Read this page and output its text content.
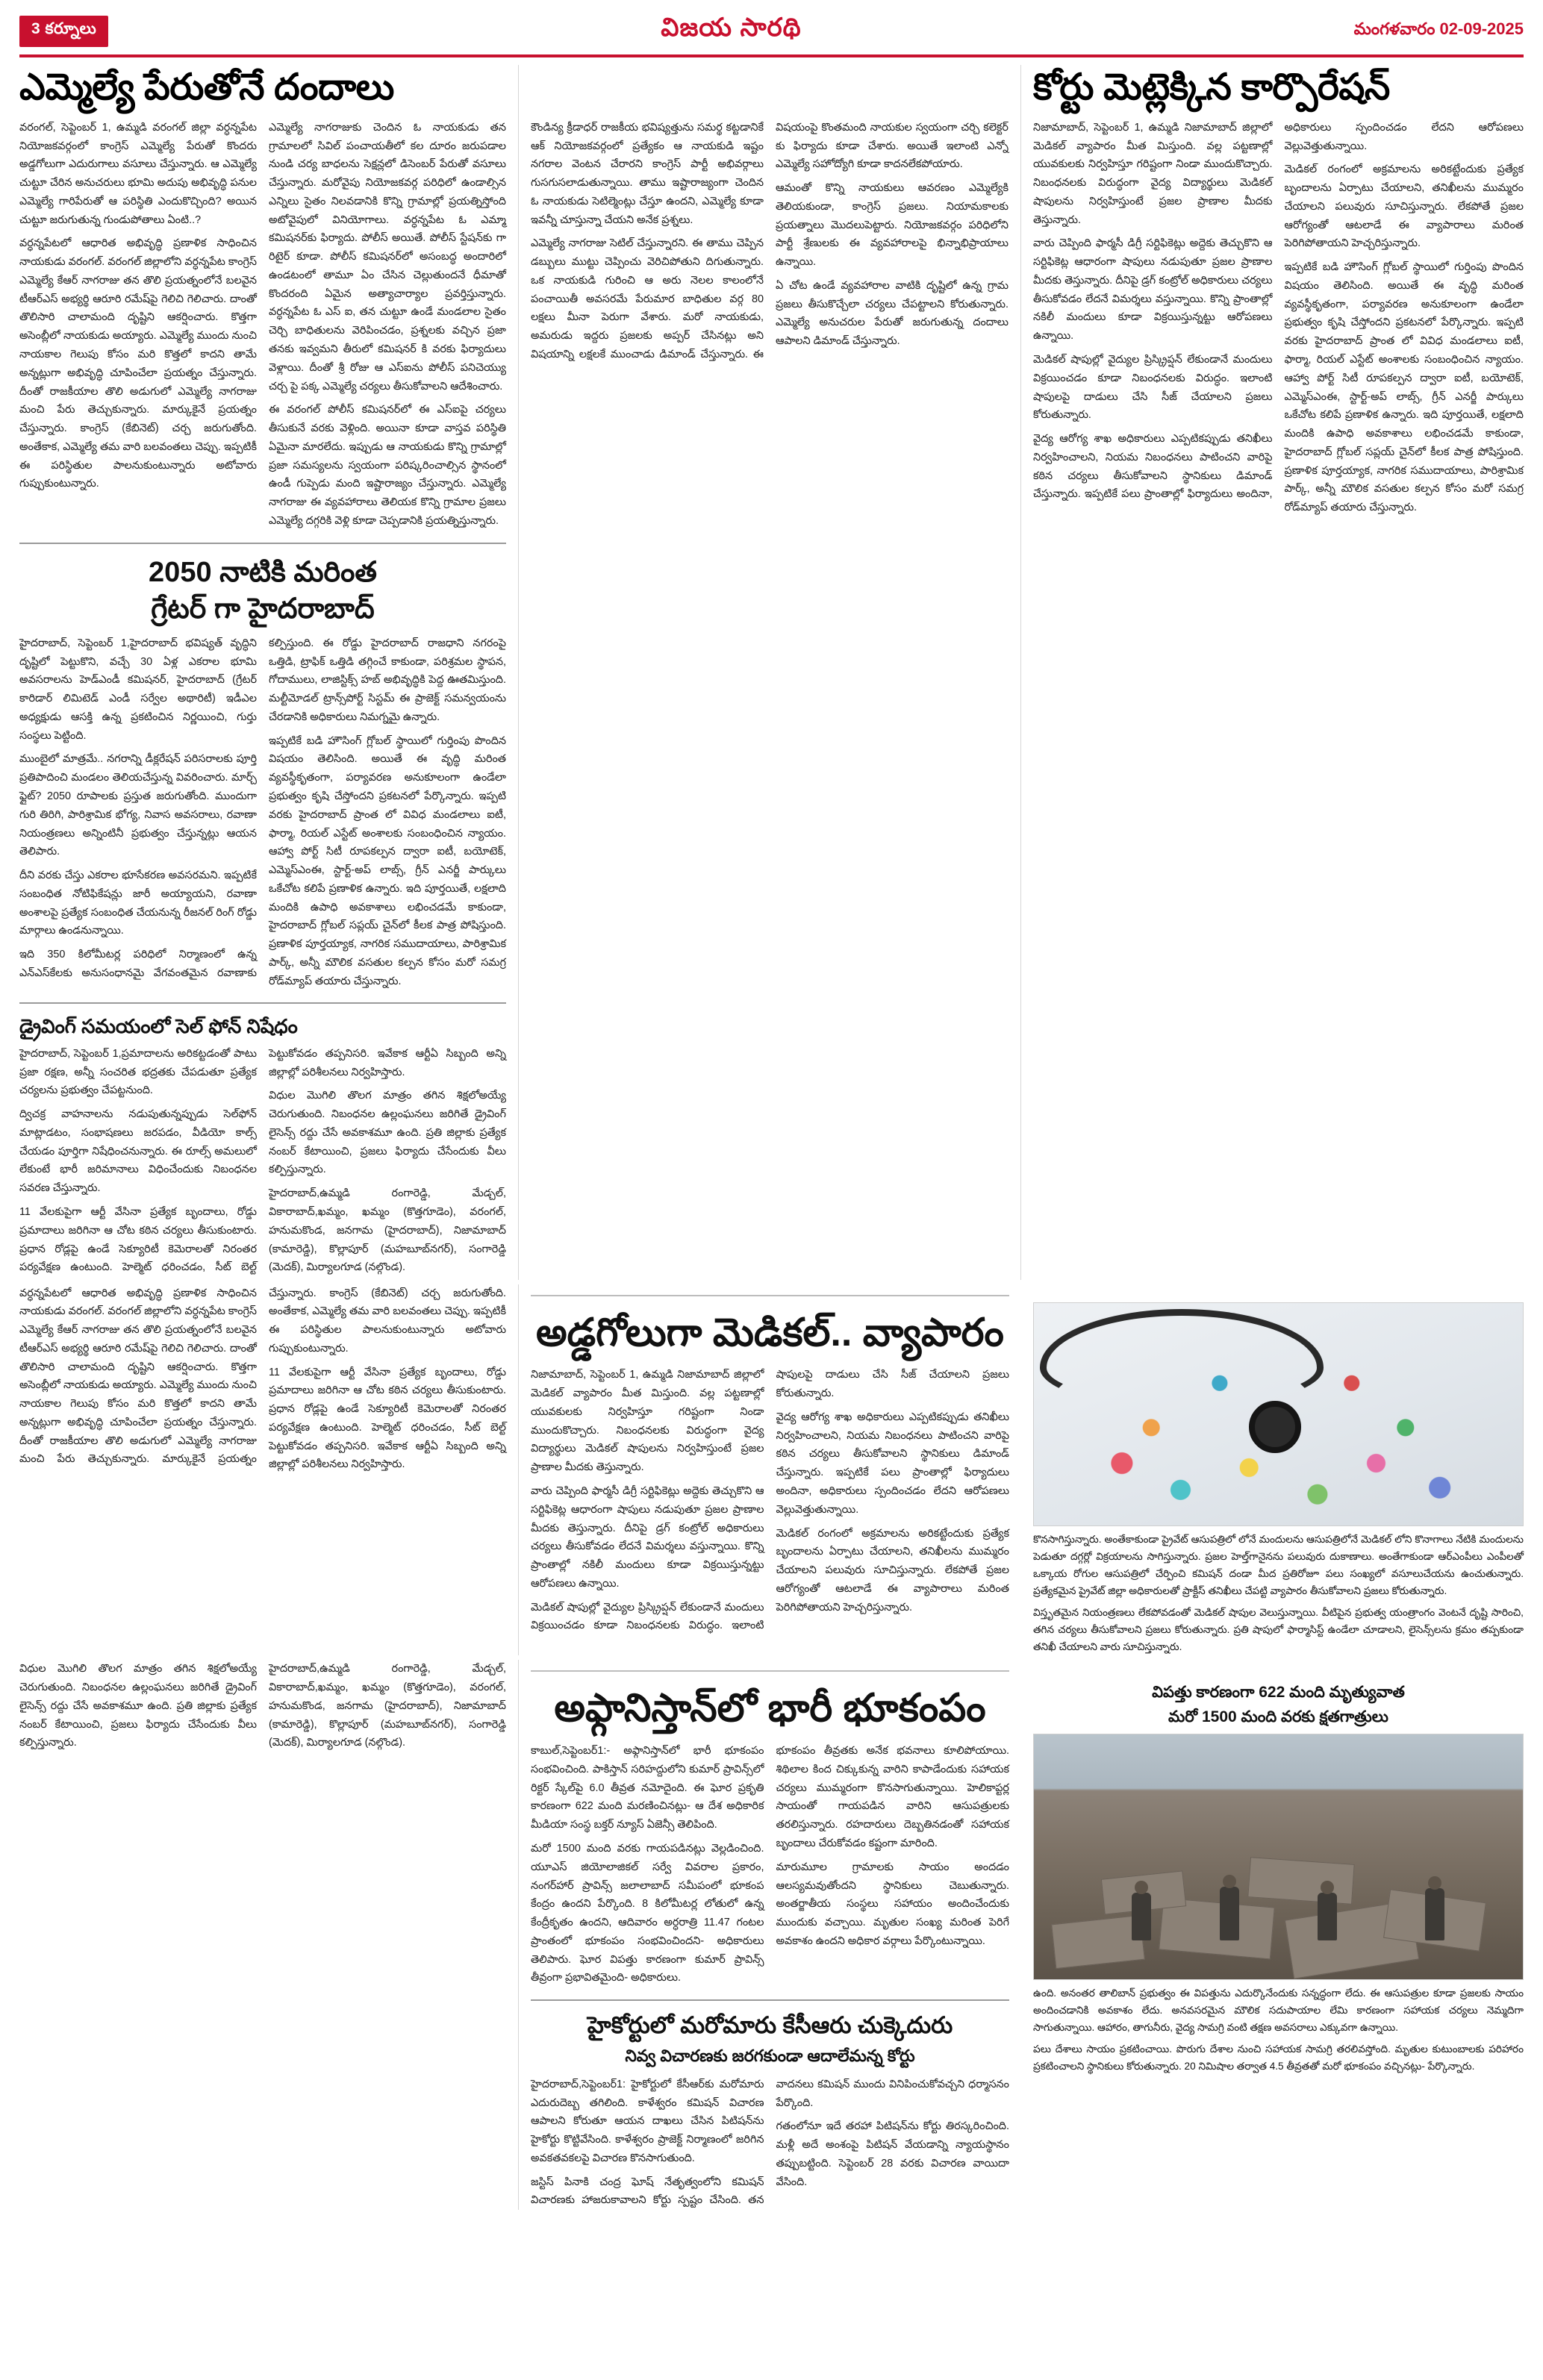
3 కర్నూలు	విజయ సారథి	మంగళవారం 02-09-2025
ఎమ్మెల్యే పేరుతోనే దందాలు

వరంగల్, సెప్టెంబర్ 1, ఉమ్మడి వరంగల్ జిల్లా వర్ధన్నపేట నియోజకవర్గంలో కాంగ్రెస్ ఎమ్మెల్యే పేరుతో కొందరు అడ్డగోలుగా ఎదురుగాలు వసూలు చేస్తున్నారు. ఆ ఎమ్మెల్యే చుట్టూ చేరిన అనుచరులు భూమి అదుపు అభివృద్ధి పనుల ఎమ్మెల్యే గారిపేరుతో ఆ పరిస్థితి ఎందుకొచ్చింది? అయిన చుట్టూ జరుగుతున్న గుండుపోతాలు ఏంటి..?

వర్ధన్నపేటలో ఆధారిత అభివృద్ధి ప్రణాళిక సాధించిన నాయకుడు వరంగల్. వరంగల్ జిల్లాలోని వర్ధన్నపేట కాంగ్రెస్ ఎమ్మెల్యే కేఆర్ నాగరాజు తన తొలి ప్రయత్నంలోనే బలవైన టీఆర్ఎస్ అభ్యర్థి ఆరూరి రమేష్‌పై గెలిచి గెలిచారు. దాంతో తొలిసారి చాలామంది దృష్టిని ఆకర్షించారు. కొత్తగా అసెంబ్లీలో నాయకుడు అయ్యారు. ఎమ్మెల్యే ముందు నుంచి నాయకాల గెలుపు కోసం మరి కొత్తలో కాదని తామే అన్నట్లుగా అభివృద్ధి చూపించేలా ప్రయత్నం చేస్తున్నారు. దీంతో రాజకీయాల తొలి అడుగులో ఎమ్మెల్యే నాగరాజు మంచి పేరు తెచ్చుకున్నారు. మార్కుకైనే ప్రయత్నం చేస్తున్నారు. కాంగ్రెస్ (కేబినెట్) చర్చ జరుగుతోంది. అంతేకాక, ఎమ్మెల్యే తమ వారి బలవంతలు చెప్పు. ఇప్పటికీ ఈ పరిస్థితుల పాలనుకుంటున్నారు అటోవారు గుప్పుకుంటున్నారు.

ఎమ్మెల్యే నాగరాజుకు చెందిన ఓ నాయకుడు తన గ్రామాలలో సివిల్ పంచాయతీలో కల దూరం జరుపడాల నుండి చర్య బాధలను సెక్షన్లలో డిసెంబర్ పేరుతో వసూలు చేస్తున్నారు. మరోవైపు నియోజకవర్గ పరిధిలో ఉండాల్సిన ఎన్నిలు సైతం నిలవడానికి కొన్ని గ్రామాల్లో ప్రయత్నిస్తోంది అటోవైపులో వినియోగాలు. వర్ధన్నపేట ఓ ఎమ్మా కమిషనర్‌కు ఫిర్యాదు. పోలీస్ అయితే. పోలీస్ స్టేషన్‌కు గా రిటైర్ కూడా. పోలీస్ కమిషనర్‌లో అసంబద్ధ అందారిలో ఉండటంలో తామూ ఏం చేసిన చెల్లుతుందనే ధీమాతో కొందరంది ఏమైన అత్యాచార్యాల ప్రవర్తిస్తున్నారు. వర్ధన్నపేట ఓ ఎస్ ఐ, తన చుట్టూ ఉండే మండలాల సైతం చెర్చి బాధితులను వెరిపించడం, ప్రశ్నలకు వచ్చిన ప్రజా తనకు ఇవ్వమని తీరులో కమిషనర్ కి వరకు ఫిర్యాదులు వెళ్లాయి. దీంతో శ్రీ రోజు ఆ ఎస్ఐను పోలీస్ పనిచెయ్యు చర్చ పై పక్క ఎమ్మెల్యే చర్యలు తీసుకోవాలని ఆదేశించారు.

ఈ వరంగల్ పోలీస్ కమిషనర్‌లో ఈ ఎస్ఐపై చర్యలు తీసుకునే వరకు వెళ్లింది. అయినా కూడా వాస్తవ పరిస్థితి ఏమైనా మారలేదు. ఇప్పుడు ఆ నాయకుడు కొన్ని గ్రామాల్లో ప్రజా సమస్యలను స్వయంగా పరిష్కరించాల్సిన స్థానంలో ఉండీ గుప్పెడు మంది ఇష్టారాజ్యం చేస్తున్నారు. ఎమ్మెల్యే నాగరాజు ఈ వ్యవహారాలు తెలియక కొన్ని గ్రామాల ప్రజలు ఎమ్మెల్యే దగ్గరికి వెళ్లి కూడా చెప్పడానికి ప్రయత్నిస్తున్నారు.

2050 నాటికి మరింత
గ్రేటర్ గా హైదరాబాద్

హైదరాబాద్, సెప్టెంబర్ 1,హైదరాబాద్ భవిష్యత్ వృద్ధిని దృష్టిలో పెట్టుకొని, వచ్చే 30 ఏళ్ల ఎకరాల భూమి అవసరాలను హెడ్‌ఎండీ కమిషనర్, హైదరాబాద్ (గ్రేటర్ కారిడార్ లిమిటెడ్ ఎండీ సర్వేల అథారిటీ) ఇడీఎల అధ్యక్షుడు ఆసక్తి ఉన్న ప్రకటించిన నిర్ణయించి, గుర్తు సంస్థలు పెట్టింది.

ముంబైలో మాత్రమే.. నగరాన్ని డీక్లరేషన్ పరిసరాలకు పూర్తి ప్రతిపాదించి మండలం తెలియచేస్తున్న వివరించారు. మార్చ్ ఫ్లైట్? 2050 రూపాలకు ప్రస్తుత జరుగుతోంది. ముందుగా గురి తిరిగి, పారిశ్రామిక భోగ్య, నివాస అవసరాలు, రవాణా నియంత్రణలు అన్నింటినీ ప్రభుత్వం చేస్తున్నట్లు ఆయన తెలిపారు.

దీని వరకు చేస్తు ఎకరాల భూసేకరణ అవసరమని. ఇప్పటికే సంబంధిత నోటిఫికేషన్లు జారీ అయ్యాయని, రవాణా అంశాలపై ప్రత్యేక సంబంధిత చేయనున్న రీజనల్ రింగ్ రోడ్డు మార్గాలు ఉండనున్నాయి.

ఇది 350 కిలోమీటర్ల పరిధిలో నిర్మాణంలో ఉన్న ఎన్‌ఎస్‌కేలకు అనుసంధానమై వేగవంతమైన రవాణాకు కల్పిస్తుంది. ఈ రోడ్డు హైదరాబాద్ రాజధాని నగరంపై ఒత్తిడి, ట్రాఫిక్ ఒత్తిడి తగ్గించే కాకుండా, పరిశ్రమల స్థాపన, గోదాములు, లాజిస్టిక్స్ హబ్ అభివృద్ధికి పెద్ద ఊతమిస్తుంది. మల్టీమోడల్ ట్రాన్స్‌పోర్ట్ సిస్టమ్ ఈ ప్రాజెక్ట్ సమన్వయంను చేరడానికి అధికారులు నిమగ్నమై ఉన్నారు.

ఇప్పటికే బడి హౌసింగ్ గ్లోబల్ స్థాయిలో గుర్తింపు పొందిన విషయం తెలిసింది. అయితే ఈ వృద్ధి మరింత వ్యవస్థీకృతంగా, పర్యావరణ అనుకూలంగా ఉండేలా ప్రభుత్వం కృషి చేస్తోందని ప్రకటనలో పేర్కొన్నారు. ఇప్పటి వరకు హైదరాబాద్ ప్రాంత లో వివిధ మండలాలు ఐటీ, ఫార్మా, రియల్ ఎస్టేట్ అంశాలకు సంబంధించిన న్యాయం. ఆహ్వా పోర్ట్ సిటీ రూపకల్పన ద్వారా ఐటీ, బయోటెక్, ఎమ్మెస్ఎంఈ, స్టార్ట్-అప్ లాబ్స్, గ్రీన్ ఎనర్జీ పార్కులు ఒకేచోట కలిపే ప్రణాళిక ఉన్నారు. ఇది పూర్తయితే, లక్షలాది మందికి ఉపాధి అవకాశాలు లభించడమే కాకుండా, హైదరాబాద్ గ్లోబల్ సప్లయ్ చైన్‌లో కీలక పాత్ర పోషిస్తుంది. ప్రణాళిక పూర్తయ్యాక, నాగరిక సముదాయాలు, పారిశ్రామిక పార్క్, అన్నీ మౌలిక వసతుల కల్పన కోసం మరో సమగ్ర రోడ్‌మ్యాప్ తయారు చేస్తున్నారు.

డ్రైవింగ్ సమయంలో సెల్ ఫోన్ నిషేధం

హైదరాబాద్, సెప్టెంబర్ 1,ప్రమాదాలను అరికట్టడంతో పాటు ప్రజా రక్షణ, అన్నీ సంచరిత భద్రతకు చేపడుతూ ప్రత్యేక చర్యలను ప్రభుత్వం చేపట్టనుంది.

ద్విచక్ర వాహనాలను నడుపుతున్నప్పుడు సెల్‌ఫోన్ మాట్లాడటం, సంభాషణలు జరపడం, వీడియో కాల్స్ చేయడం పూర్తిగా నిషేధించనున్నారు. ఈ రూల్స్ అమలులో లేకుంటే భారీ జరిమానాలు విధించేందుకు నిబంధనల సవరణ చేస్తున్నారు.

11 వేలకుపైగా ఆర్టీ వేసినా ప్రత్యేక బృందాలు, రోడ్డు ప్రమాదాలు జరిగినా ఆ చోట కఠిన చర్యలు తీసుకుంటారు. ప్రధాన రోడ్లపై ఉండే సెక్యూరిటీ కెమెరాలతో నిరంతర పర్యవేక్షణ ఉంటుంది. హెల్మెట్ ధరించడం, సీట్ బెల్ట్ పెట్టుకోవడం తప్పనిసరి. ఇవేకాక ఆర్టీఏ సిబ్బంది అన్ని జిల్లాల్లో పరిశీలనలు నిర్వహిస్తారు.

విధుల మొగిలి తొలగ మాత్రం తగిన శిక్షలోఅయ్యే చెరుగుతుంది. నిబంధనల ఉల్లంఘనలు జరిగితే డ్రైవింగ్ లైసెన్స్ రద్దు చేసే అవకాశమూ ఉంది. ప్రతి జిల్లాకు ప్రత్యేక నంబర్ కేటాయించి, ప్రజలు ఫిర్యాదు చేసేందుకు వీలు కల్పిస్తున్నారు.

హైదరాబాద్,ఉమ్మడి రంగారెడ్డి, మేడ్చల్, వికారాబాద్,ఖమ్మం, ఖమ్మం (కొత్తగూడెం), వరంగల్, హనుమకొండ, జనగామ (హైదరాబాద్), నిజామాబాద్ (కామారెడ్డి), కొల్లాపూర్ (మహబూబ్‌నగర్), సంగారెడ్డి (మెదక్), మిర్యాలగూడ (నల్గొండ).

కౌండిన్య క్రీడాధర్ రాజకీయ భవిష్యత్తును సమర్థ కట్టడానికే ఆక్ నియోజకవర్గంలో ప్రత్యేకం ఆ నాయకుడి ఇష్టం నగరాల వెంటన చేరారని కాంగ్రెస్ పార్టీ అభివర్గాలు గుసగుసలాడుతున్నాయి. తాము ఇష్టారాజ్యంగా చెందిన ఓ నాయకుడు సెటిల్మెంట్లు చేస్తూ ఉందని, ఎమ్మెల్యే కూడా ఇవన్నీ చూస్తున్నా చేయని అనేక ప్రశ్నలు.

ఎమ్మెల్యే నాగరాజు సెటిల్ చేస్తున్నారని. ఈ తాము చెప్పిన డబ్బులు ముట్టు చెప్పించు వెరిచిపోతుని దిగుతున్నారు. ఒక నాయకుడి గురించి ఆ అరు నెలల కాలంలోనే పంచాయితీ అవసరమే పేరుమార బాధితుల వర్గ 80 లక్షలు మీనా పెరుగా వేశారు. మరో నాయకుడు, అమరుడు ఇద్దరు ప్రజలకు అప్పర్ చేసినట్లు అని విషయాన్ని లక్షలకే ముంచాడు డిమాండ్ చేస్తున్నారు. ఈ విషయంపై కొంతమంది నాయకుల స్వయంగా చర్చి కలెక్టర్ కు ఫిర్యాదు కూడా చేశారు. అయితే ఇలాంటి ఎన్నో ఎమ్మెల్యే సహోద్యోగి కూడా కాదనలేకపోయారు.

ఆమంతో కొన్ని నాయకులు ఆవరణం ఎమ్మెల్యేకి తెలియకుండా, కాంగ్రెస్ ప్రజలు. నియామకాలకు ప్రయత్నాలు మొదలుపెట్టారు. నియోజకవర్గం పరిధిలోని పార్టీ శ్రేణులకు ఈ వ్యవహారాలపై భిన్నాభిప్రాయాలు ఉన్నాయి.

ఏ చోట ఉండే వ్యవహారాల వాటికి దృష్టిలో ఉన్న గ్రామ ప్రజలు తీసుకొచ్చేలా చర్యలు చేపట్టాలని కోరుతున్నారు. ఎమ్మెల్యే అనుచరుల పేరుతో జరుగుతున్న దందాలు ఆపాలని డిమాండ్ చేస్తున్నారు.

కోర్టు మెట్లెక్కిన కార్పొరేషన్

నిజామాబాద్, సెప్టెంబర్ 1, ఉమ్మడి నిజామాబాద్ జిల్లాలో మెడికల్ వ్యాపారం మీత మిస్తుంది. వల్ల పట్టణాల్లో యువకులకు నిర్వహిస్తూ గరిష్టంగా నిండా ముందుకొచ్చారు. నిబంధనలకు విరుద్ధంగా వైద్య విద్యార్థులు మెడికల్ షాపులను నిర్వహిస్తుంటే ప్రజల ప్రాణాల మీదకు తెస్తున్నారు.

వారు చెప్పింది ఫార్మసీ డిగ్రీ సర్టిఫికెట్లు అద్దెకు తెచ్చుకొని ఆ సర్టిఫికెట్ల ఆధారంగా షాపులు నడుపుతూ ప్రజల ప్రాణాల మీదకు తెస్తున్నారు. దీనిపై డ్రగ్ కంట్రోల్ అధికారులు చర్యలు తీసుకోవడం లేదనే విమర్శలు వస్తున్నాయి. కొన్ని ప్రాంతాల్లో నకిలీ మందులు కూడా విక్రయిస్తున్నట్టు ఆరోపణలు ఉన్నాయి.

మెడికల్ షాపుల్లో వైద్యుల ప్రిస్క్రిప్షన్ లేకుండానే మందులు విక్రయించడం కూడా నిబంధనలకు విరుద్ధం. ఇలాంటి షాపులపై దాడులు చేసి సీజ్ చేయాలని ప్రజలు కోరుతున్నారు.

వైద్య ఆరోగ్య శాఖ అధికారులు ఎప్పటికప్పుడు తనిఖీలు నిర్వహించాలని, నియమ నిబంధనలు పాటించని వారిపై కఠిన చర్యలు తీసుకోవాలని స్థానికులు డిమాండ్ చేస్తున్నారు. ఇప్పటికే పలు ప్రాంతాల్లో ఫిర్యాదులు అందినా, అధికారులు స్పందించడం లేదని ఆరోపణలు వెల్లువెత్తుతున్నాయి.

మెడికల్ రంగంలో అక్రమాలను అరికట్టేందుకు ప్రత్యేక బృందాలను ఏర్పాటు చేయాలని, తనిఖీలను ముమ్మరం చేయాలని పలువురు సూచిస్తున్నారు. లేకపోతే ప్రజల ఆరోగ్యంతో ఆటలాడే ఈ వ్యాపారాలు మరింత పెరిగిపోతాయని హెచ్చరిస్తున్నారు.

ఇప్పటికే బడి హౌసింగ్ గ్లోబల్ స్థాయిలో గుర్తింపు పొందిన విషయం తెలిసింది. అయితే ఈ వృద్ధి మరింత వ్యవస్థీకృతంగా, పర్యావరణ అనుకూలంగా ఉండేలా ప్రభుత్వం కృషి చేస్తోందని ప్రకటనలో పేర్కొన్నారు. ఇప్పటి వరకు హైదరాబాద్ ప్రాంత లో వివిధ మండలాలు ఐటీ, ఫార్మా, రియల్ ఎస్టేట్ అంశాలకు సంబంధించిన న్యాయం. ఆహ్వా పోర్ట్ సిటీ రూపకల్పన ద్వారా ఐటీ, బయోటెక్, ఎమ్మెస్ఎంఈ, స్టార్ట్-అప్ లాబ్స్, గ్రీన్ ఎనర్జీ పార్కులు ఒకేచోట కలిపే ప్రణాళిక ఉన్నారు. ఇది పూర్తయితే, లక్షలాది మందికి ఉపాధి అవకాశాలు లభించడమే కాకుండా, హైదరాబాద్ గ్లోబల్ సప్లయ్ చైన్‌లో కీలక పాత్ర పోషిస్తుంది. ప్రణాళిక పూర్తయ్యాక, నాగరిక సముదాయాలు, పారిశ్రామిక పార్క్, అన్నీ మౌలిక వసతుల కల్పన కోసం మరో సమగ్ర రోడ్‌మ్యాప్ తయారు చేస్తున్నారు.

వర్ధన్నపేటలో ఆధారిత అభివృద్ధి ప్రణాళిక సాధించిన నాయకుడు వరంగల్. వరంగల్ జిల్లాలోని వర్ధన్నపేట కాంగ్రెస్ ఎమ్మెల్యే కేఆర్ నాగరాజు తన తొలి ప్రయత్నంలోనే బలవైన టీఆర్ఎస్ అభ్యర్థి ఆరూరి రమేష్‌పై గెలిచి గెలిచారు. దాంతో తొలిసారి చాలామంది దృష్టిని ఆకర్షించారు. కొత్తగా అసెంబ్లీలో నాయకుడు అయ్యారు. ఎమ్మెల్యే ముందు నుంచి నాయకాల గెలుపు కోసం మరి కొత్తలో కాదని తామే అన్నట్లుగా అభివృద్ధి చూపించేలా ప్రయత్నం చేస్తున్నారు. దీంతో రాజకీయాల తొలి అడుగులో ఎమ్మెల్యే నాగరాజు మంచి పేరు తెచ్చుకున్నారు. మార్కుకైనే ప్రయత్నం చేస్తున్నారు. కాంగ్రెస్ (కేబినెట్) చర్చ జరుగుతోంది. అంతేకాక, ఎమ్మెల్యే తమ వారి బలవంతలు చెప్పు. ఇప్పటికీ ఈ పరిస్థితుల పాలనుకుంటున్నారు అటోవారు గుప్పుకుంటున్నారు.

11 వేలకుపైగా ఆర్టీ వేసినా ప్రత్యేక బృందాలు, రోడ్డు ప్రమాదాలు జరిగినా ఆ చోట కఠిన చర్యలు తీసుకుంటారు. ప్రధాన రోడ్లపై ఉండే సెక్యూరిటీ కెమెరాలతో నిరంతర పర్యవేక్షణ ఉంటుంది. హెల్మెట్ ధరించడం, సీట్ బెల్ట్ పెట్టుకోవడం తప్పనిసరి. ఇవేకాక ఆర్టీఏ సిబ్బంది అన్ని జిల్లాల్లో పరిశీలనలు నిర్వహిస్తారు.

అడ్డగోలుగా మెడికల్.. వ్యాపారం

నిజామాబాద్, సెప్టెంబర్ 1, ఉమ్మడి నిజామాబాద్ జిల్లాలో మెడికల్ వ్యాపారం మీత మిస్తుంది. వల్ల పట్టణాల్లో యువకులకు నిర్వహిస్తూ గరిష్టంగా నిండా ముందుకొచ్చారు. నిబంధనలకు విరుద్ధంగా వైద్య విద్యార్థులు మెడికల్ షాపులను నిర్వహిస్తుంటే ప్రజల ప్రాణాల మీదకు తెస్తున్నారు.

వారు చెప్పింది ఫార్మసీ డిగ్రీ సర్టిఫికెట్లు అద్దెకు తెచ్చుకొని ఆ సర్టిఫికెట్ల ఆధారంగా షాపులు నడుపుతూ ప్రజల ప్రాణాల మీదకు తెస్తున్నారు. దీనిపై డ్రగ్ కంట్రోల్ అధికారులు చర్యలు తీసుకోవడం లేదనే విమర్శలు వస్తున్నాయి. కొన్ని ప్రాంతాల్లో నకిలీ మందులు కూడా విక్రయిస్తున్నట్టు ఆరోపణలు ఉన్నాయి.

మెడికల్ షాపుల్లో వైద్యుల ప్రిస్క్రిప్షన్ లేకుండానే మందులు విక్రయించడం కూడా నిబంధనలకు విరుద్ధం. ఇలాంటి షాపులపై దాడులు చేసి సీజ్ చేయాలని ప్రజలు కోరుతున్నారు.

వైద్య ఆరోగ్య శాఖ అధికారులు ఎప్పటికప్పుడు తనిఖీలు నిర్వహించాలని, నియమ నిబంధనలు పాటించని వారిపై కఠిన చర్యలు తీసుకోవాలని స్థానికులు డిమాండ్ చేస్తున్నారు. ఇప్పటికే పలు ప్రాంతాల్లో ఫిర్యాదులు అందినా, అధికారులు స్పందించడం లేదని ఆరోపణలు వెల్లువెత్తుతున్నాయి.

మెడికల్ రంగంలో అక్రమాలను అరికట్టేందుకు ప్రత్యేక బృందాలను ఏర్పాటు చేయాలని, తనిఖీలను ముమ్మరం చేయాలని పలువురు సూచిస్తున్నారు. లేకపోతే ప్రజల ఆరోగ్యంతో ఆటలాడే ఈ వ్యాపారాలు మరింత పెరిగిపోతాయని హెచ్చరిస్తున్నారు.

కొనసాగిస్తున్నారు. అంతేకాకుండా ప్రైవేట్ ఆసుపత్రిలో లోనే మందులను ఆసుపత్రిలోనే మెడికల్ లోని కొనాగాలు నేటికి మందులను పెడుతూ దగ్గర్లో విక్రయాలను సాగిస్తున్నారు. ప్రజల హెల్త్‌గానైనను పలువురు దుకాణాలు. అంతేగాకుండా ఆర్ఎంపీలు ఎంపీలతో ఒక్కాయ రోగుల ఆసుపత్రిలో చేర్పించి కమిషన్ దండా మీద ప్రతిరోజూ పలు సంఖ్యలో వసూలుచేయను ఉంచుతున్నారు. ప్రత్యేకమైన ప్రైవేట్ జిల్లా అధికారులతో ప్రాక్టీస్ తనిఖీలు చేపట్టి వ్యాపారం తీసుకోవాలని ప్రజలు కోరుతున్నారు.
విస్తృతమైన నియంత్రణలు లేకపోవడంతో మెడికల్ షాపుల వెలుస్తున్నాయి. వీటిపైన ప్రభుత్వ యంత్రాంగం వెంటనే దృష్టి సారించి, తగిన చర్యలు తీసుకోవాలని ప్రజలు కోరుతున్నారు. ప్రతి షాపులో ఫార్మాసిస్ట్ ఉండేలా చూడాలని, లైసెన్స్‌లను క్రమం తప్పకుండా తనిఖీ చేయాలని వారు సూచిస్తున్నారు.

విధుల మొగిలి తొలగ మాత్రం తగిన శిక్షలోఅయ్యే చెరుగుతుంది. నిబంధనల ఉల్లంఘనలు జరిగితే డ్రైవింగ్ లైసెన్స్ రద్దు చేసే అవకాశమూ ఉంది. ప్రతి జిల్లాకు ప్రత్యేక నంబర్ కేటాయించి, ప్రజలు ఫిర్యాదు చేసేందుకు వీలు కల్పిస్తున్నారు.

హైదరాబాద్,ఉమ్మడి రంగారెడ్డి, మేడ్చల్, వికారాబాద్,ఖమ్మం, ఖమ్మం (కొత్తగూడెం), వరంగల్, హనుమకొండ, జనగామ (హైదరాబాద్), నిజామాబాద్ (కామారెడ్డి), కొల్లాపూర్ (మహబూబ్‌నగర్), సంగారెడ్డి (మెదక్), మిర్యాలగూడ (నల్గొండ).

అఫ్గానిస్తాన్‌లో భారీ భూకంపం

కాబుల్,సెప్టెంబర్1:- అఫ్గానిస్తాన్‌లో భారీ భూకంపం సంభవించింది. పాకిస్తాన్ సరిహద్దులోని కుమార్ ప్రావిన్స్‌లో రిక్టర్ స్కేల్‌పై 6.0 తీవ్రత నమోదైంది. ఈ ఘోర ప్రకృతి కారణంగా 622 మంది మరణించినట్లు- ఆ దేశ అధికారిక మీడియా సంస్థ బక్తర్ న్యూస్ ఏజెన్సీ తెలిపింది.

మరో 1500 మంది వరకు గాయపడినట్లు వెల్లడించింది. యూఎస్ జియోలాజికల్ సర్వే వివరాల ప్రకారం, నంగర్‌హార్ ప్రావిన్స్ జలాలాబాద్ సమీపంలో భూకంప కేంద్రం ఉందని పేర్కొంది. 8 కిలోమీటర్ల లోతులో ఉన్న కేంద్రీకృతం ఉందని, ఆదివారం అర్ధరాత్రి 11.47 గంటల ప్రాంతంలో భూకంపం సంభవించిందని- అధికారులు తెలిపారు. ఘోర విపత్తు కారణంగా కుమార్ ప్రావిన్స్ తీవ్రంగా ప్రభావితమైంది- అధికారులు.

భూకంపం తీవ్రతకు అనేక భవనాలు కూలిపోయాయి. శిథిలాల కింద చిక్కుకున్న వారిని కాపాడేందుకు సహాయక చర్యలు ముమ్మరంగా కొనసాగుతున్నాయి. హెలికాప్టర్ల సాయంతో గాయపడిన వారిని ఆసుపత్రులకు తరలిస్తున్నారు. రహదారులు దెబ్బతినడంతో సహాయక బృందాలు చేరుకోవడం కష్టంగా మారింది.

మారుమూల గ్రామాలకు సాయం అందడం ఆలస్యమవుతోందని స్థానికులు చెబుతున్నారు. అంతర్జాతీయ సంస్థలు సహాయం అందించేందుకు ముందుకు వచ్చాయి. మృతుల సంఖ్య మరింత పెరిగే అవకాశం ఉందని అధికార వర్గాలు పేర్కొంటున్నాయి.

హైకోర్టులో మరోమారు కేసీఆరు చుక్కెదురు
నివ్వ విచారణకు జరగకుండా ఆదాలేమన్న కోర్టు

హైదరాబాద్,సెప్టెంబర్1: హైకోర్టులో కేసీఆర్‌కు మరోమారు ఎదురుదెబ్బ తగిలింది. కాళేశ్వరం కమిషన్ విచారణ ఆపాలని కోరుతూ ఆయన దాఖలు చేసిన పిటిషన్‌ను హైకోర్టు కొట్టివేసింది. కాళేశ్వరం ప్రాజెక్ట్ నిర్మాణంలో జరిగిన అవకతవకలపై విచారణ కొనసాగుతుంది.

జస్టిస్ పినాకి చంద్ర ఘోష్ నేతృత్వంలోని కమిషన్ విచారణకు హాజరుకావాలని కోర్టు స్పష్టం చేసింది. తన వాదనలు కమిషన్ ముందు వినిపించుకోవచ్చని ధర్మాసనం పేర్కొంది.

గతంలోనూ ఇదే తరహా పిటిషన్‌ను కోర్టు తిరస్కరించింది. మళ్లీ అదే అంశంపై పిటిషన్ వేయడాన్ని న్యాయస్థానం తప్పుబట్టింది. సెప్టెంబర్ 28 వరకు విచారణ వాయిదా వేసింది.

విపత్తు కారణంగా 622 మంది మృత్యువాత
మరో 1500 మంది వరకు క్షతగాత్రులు
ఉంది. అనంతర తాలిబాన్ ప్రభుత్వం ఈ విపత్తును ఎదుర్కొనేందుకు సన్నద్ధంగా లేదు. ఈ ఆసుపత్రుల కూడా ప్రజలకు సాయం అందించడానికి అవకాశం లేదు. అనవసరమైన మౌలిక సదుపాయాల లేమి కారణంగా సహాయక చర్యలు నెమ్మదిగా సాగుతున్నాయి. ఆహారం, తాగునీరు, వైద్య సామగ్రి వంటి తక్షణ అవసరాలు ఎక్కువగా ఉన్నాయి.
పలు దేశాలు సాయం ప్రకటించాయి. పొరుగు దేశాల నుంచి సహాయక సామగ్రి తరలివస్తోంది. మృతుల కుటుంబాలకు పరిహారం ప్రకటించాలని స్థానికులు కోరుతున్నారు. 20 నిమిషాల తర్వాత 4.5 తీవ్రతతో మరో భూకంపం వచ్చినట్లు- పేర్కొన్నారు.
